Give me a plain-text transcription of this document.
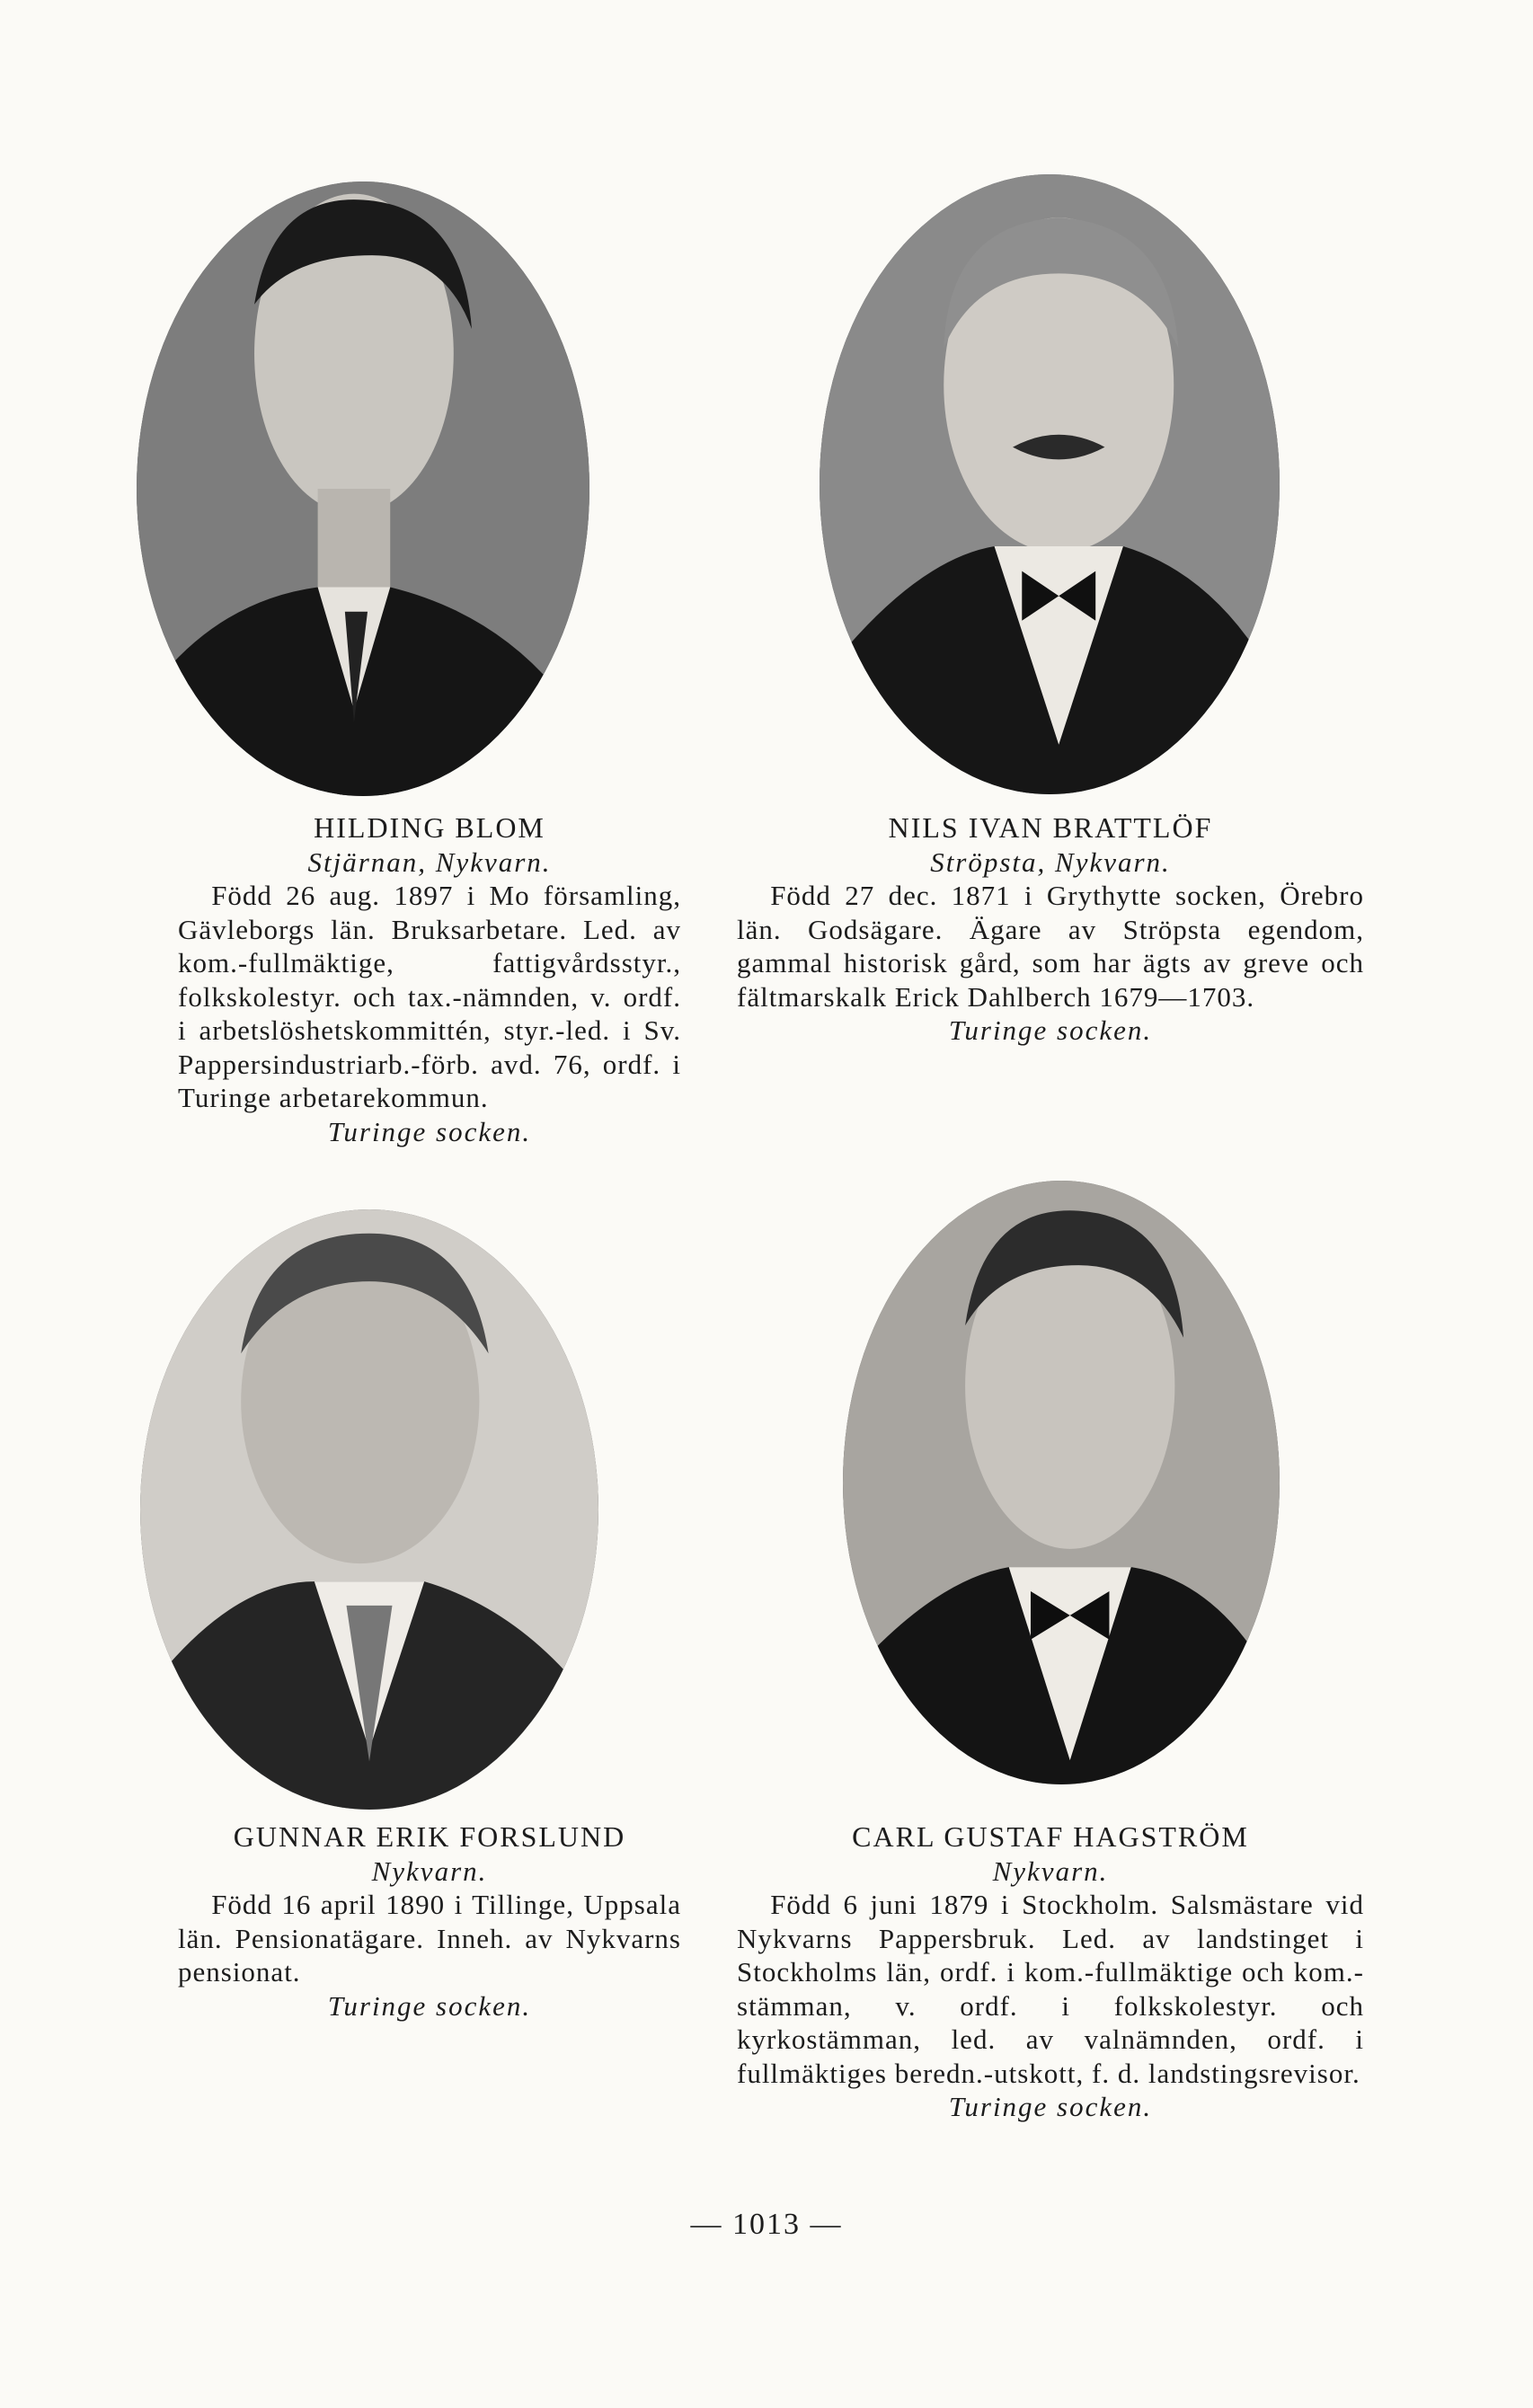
HILDING BLOM
Stjärnan, Nykvarn.
Född 26 aug. 1897 i Mo församling, Gävleborgs län. Bruksarbetare. Led. av kom.-fullmäktige, fattigvårdsstyr., folkskolestyr. och tax.-nämnden, v. ordf. i arbetslöshetskommittén, styr.-led. i Sv. Pappersindustriarb.-förb. avd. 76, ordf. i Turinge arbetarekommun.
Turinge socken.
NILS IVAN BRATTLÖF
Ströpsta, Nykvarn.
Född 27 dec. 1871 i Grythytte socken, Örebro län. Godsägare. Ägare av Ströpsta egendom, gammal historisk gård, som har ägts av greve och fältmarskalk Erick Dahlberch 1679—1703.
Turinge socken.
GUNNAR ERIK FORSLUND
Nykvarn.
Född 16 april 1890 i Tillinge, Uppsala län. Pensionatägare. Inneh. av Nykvarns pensionat.
Turinge socken.
CARL GUSTAF HAGSTRÖM
Nykvarn.
Född 6 juni 1879 i Stockholm. Salsmästare vid Nykvarns Pappersbruk. Led. av landstinget i Stockholms län, ordf. i kom.-fullmäktige och kom.-stämman, v. ordf. i folkskolestyr. och kyrkostämman, led. av valnämnden, ordf. i fullmäktiges beredn.-utskott, f. d. landstingsrevisor.
Turinge socken.
— 1013 —
